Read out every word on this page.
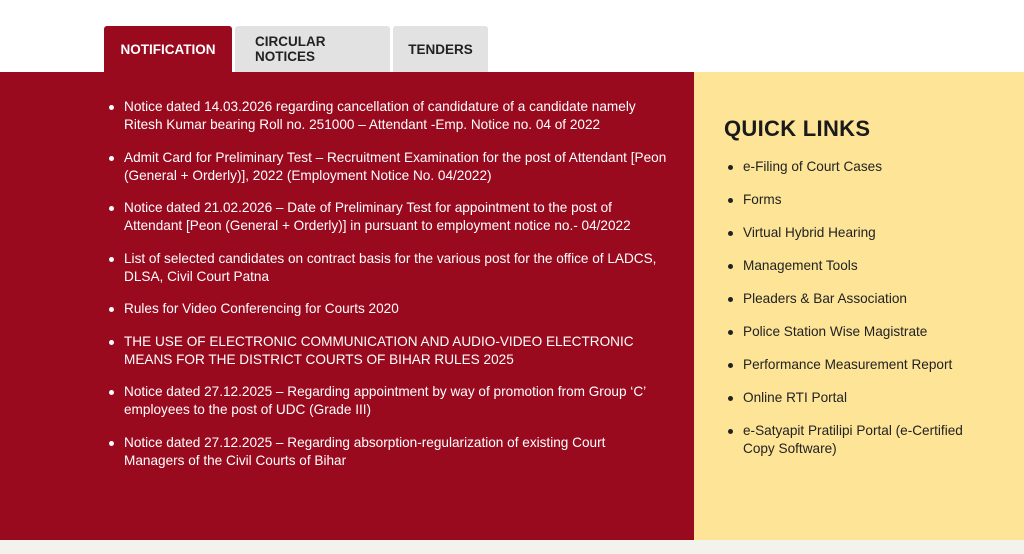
NOTIFICATION	CIRCULAR NOTICES	TENDERS
Notice dated 14.03.2026 regarding cancellation of candidature of a candidate namely Ritesh Kumar bearing Roll no. 251000 – Attendant -Emp. Notice no. 04 of 2022
Admit Card for Preliminary Test – Recruitment Examination for the post of Attendant [Peon (General + Orderly)], 2022 (Employment Notice No. 04/2022)
Notice dated 21.02.2026 – Date of Preliminary Test for appointment to the post of Attendant [Peon (General + Orderly)] in pursuant to employment notice no.- 04/2022
List of selected candidates on contract basis for the various post for the office of LADCS, DLSA, Civil Court Patna
Rules for Video Conferencing for Courts 2020
THE USE OF ELECTRONIC COMMUNICATION AND AUDIO-VIDEO ELECTRONIC MEANS FOR THE DISTRICT COURTS OF BIHAR RULES 2025
Notice dated 27.12.2025 – Regarding appointment by way of promotion from Group ‘C’ employees to the post of UDC (Grade III)
Notice dated 27.12.2025 – Regarding absorption-regularization of existing Court Managers of the Civil Courts of Bihar
QUICK LINKS
e-Filing of Court Cases
Forms
Virtual Hybrid Hearing
Management Tools
Pleaders & Bar Association
Police Station Wise Magistrate
Performance Measurement Report
Online RTI Portal
e-Satyapit Pratilipi Portal (e-Certified Copy Software)
